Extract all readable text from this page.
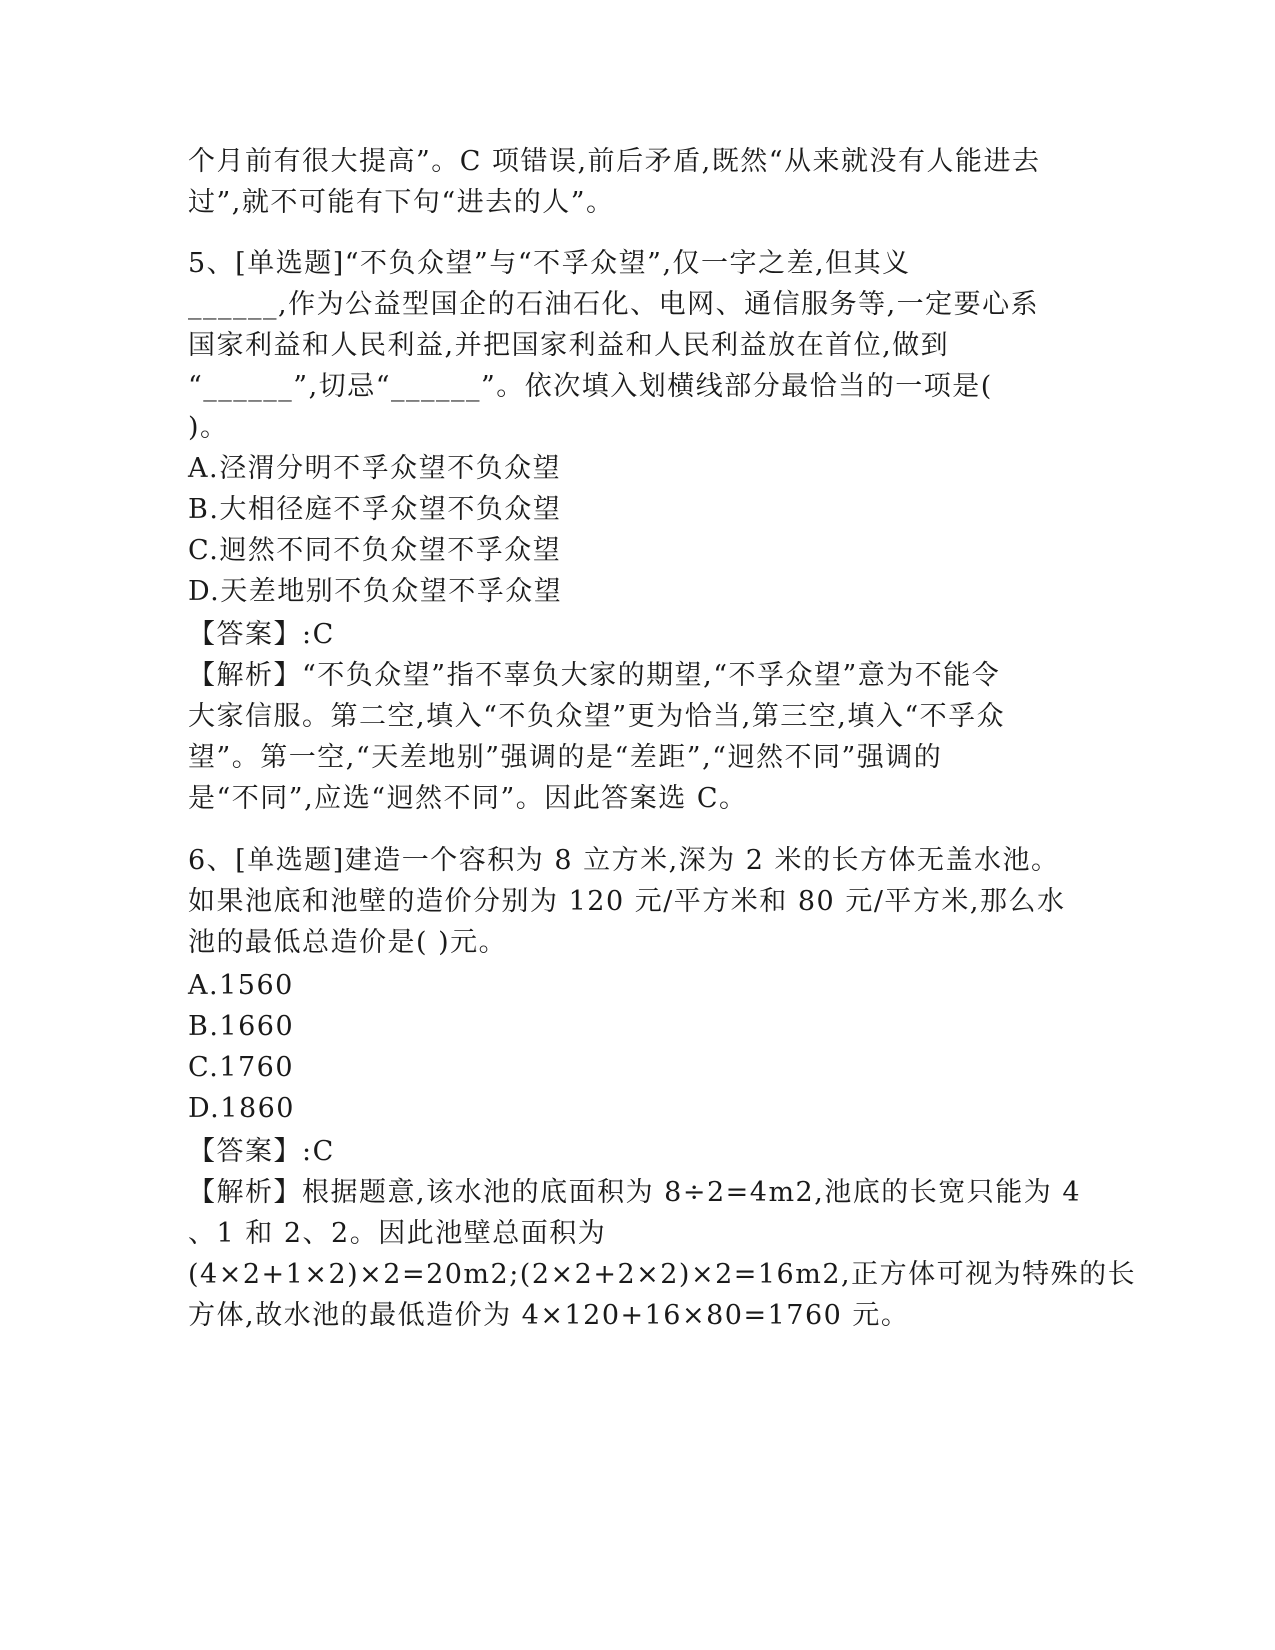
个月前有很大提高”。C 项错误,前后矛盾,既然“从来就没有人能进去
过”,就不可能有下句“进去的人”。
5、[单选题]“不负众望”与“不孚众望”,仅一字之差,但其义
______,作为公益型国企的石油石化、电网、通信服务等,一定要心系
国家利益和人民利益,并把国家利益和人民利益放在首位,做到
“______”,切忌“______”。依次填入划横线部分最恰当的一项是(
)。
A.泾渭分明不孚众望不负众望
B.大相径庭不孚众望不负众望
C.迥然不同不负众望不孚众望
D.天差地别不负众望不孚众望
【答案】:C
【解析】“不负众望”指不辜负大家的期望,“不孚众望”意为不能令
大家信服。第二空,填入“不负众望”更为恰当,第三空,填入“不孚众
望”。第一空,“天差地别”强调的是“差距”,“迥然不同”强调的
是“不同”,应选“迥然不同”。因此答案选 C。
6、[单选题]建造一个容积为 8 立方米,深为 2 米的长方体无盖水池。
如果池底和池壁的造价分别为 120 元/平方米和 80 元/平方米,那么水
池的最低总造价是( )元。
A.1560
B.1660
C.1760
D.1860
【答案】:C
【解析】根据题意,该水池的底面积为 8÷2=4m2,池底的长宽只能为 4
、1 和 2、2。因此池壁总面积为
(4×2+1×2)×2=20m2;(2×2+2×2)×2=16m2,正方体可视为特殊的长
方体,故水池的最低造价为 4×120+16×80=1760 元。
